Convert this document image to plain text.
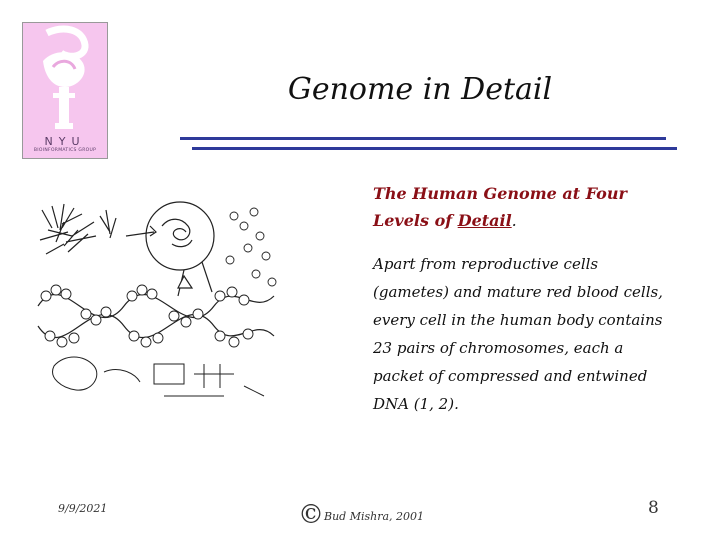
NYU
BIOINFORMATICS GROUP
Genome in Detail
The Human Genome at Four Levels of Detail.
Apart from reproductive cells (gametes) and mature red blood cells, every cell in the human body contains 23 pairs of chromosomes, each a packet of compressed and entwined DNA (1, 2).
9/9/2021	©Bud Mishra, 2001	8
